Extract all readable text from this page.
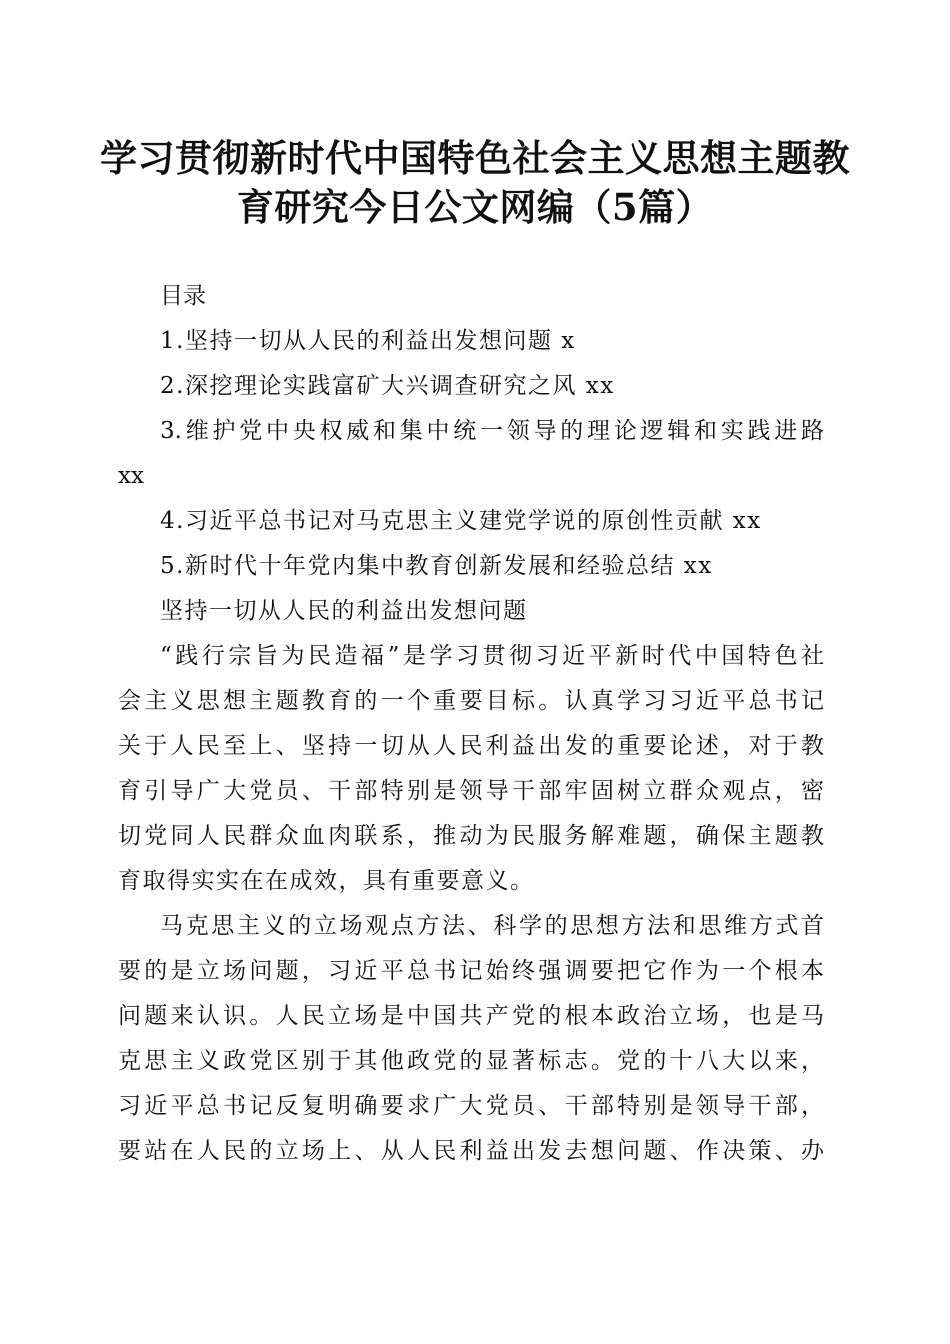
学习贯彻新时代中国特色社会主义思想主题教
育研究今日公文网编（5篇）
目录
1.坚持一切从人民的利益出发想问题 x
2.深挖理论实践富矿大兴调查研究之风 xx
3.维护党中央权威和集中统一领导的理论逻辑和实践进路
xx
4.习近平总书记对马克思主义建党学说的原创性贡献 xx
5.新时代十年党内集中教育创新发展和经验总结 xx
坚持一切从人民的利益出发想问题
“践行宗旨为民造福”是学习贯彻习近平新时代中国特色社
会主义思想主题教育的一个重要目标。认真学习习近平总书记
关于人民至上、坚持一切从人民利益出发的重要论述，对于教
育引导广大党员、干部特别是领导干部牢固树立群众观点，密
切党同人民群众血肉联系，推动为民服务解难题，确保主题教
育取得实实在在成效，具有重要意义。
马克思主义的立场观点方法、科学的思想方法和思维方式首
要的是立场问题，习近平总书记始终强调要把它作为一个根本
问题来认识。人民立场是中国共产党的根本政治立场，也是马
克思主义政党区别于其他政党的显著标志。党的十八大以来，
习近平总书记反复明确要求广大党员、干部特别是领导干部，
要站在人民的立场上、从人民利益出发去想问题、作决策、办
